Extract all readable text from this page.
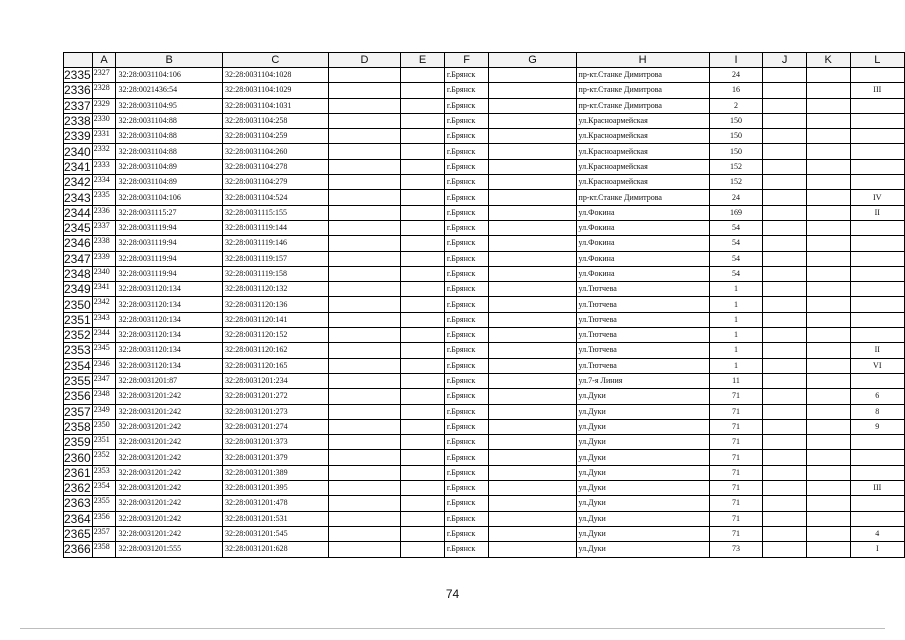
	A	B	C	D	E	F	G	H	I	J	K	L
2335	2327	32:28:0031104:106	32:28:0031104:1028			г.Брянск		пр-кт.Станке Димитрова	24			
2336	2328	32:28:0021436:54	32:28:0031104:1029			г.Брянск		пр-кт.Станке Димитрова	16			III
2337	2329	32:28:0031104:95	32:28:0031104:1031			г.Брянск		пр-кт.Станке Димитрова	2			
2338	2330	32:28:0031104:88	32:28:0031104:258			г.Брянск		ул.Красноармейская	150			
2339	2331	32:28:0031104:88	32:28:0031104:259			г.Брянск		ул.Красноармейская	150			
2340	2332	32:28:0031104:88	32:28:0031104:260			г.Брянск		ул.Красноармейская	150			
2341	2333	32:28:0031104:89	32:28:0031104:278			г.Брянск		ул.Красноармейская	152			
2342	2334	32:28:0031104:89	32:28:0031104:279			г.Брянск		ул.Красноармейская	152			
2343	2335	32:28:0031104:106	32:28:0031104:524			г.Брянск		пр-кт.Станке Димитрова	24			IV
2344	2336	32:28:0031115:27	32:28:0031115:155			г.Брянск		ул.Фокина	169			II
2345	2337	32:28:0031119:94	32:28:0031119:144			г.Брянск		ул.Фокина	54			
2346	2338	32:28:0031119:94	32:28:0031119:146			г.Брянск		ул.Фокина	54			
2347	2339	32:28:0031119:94	32:28:0031119:157			г.Брянск		ул.Фокина	54			
2348	2340	32:28:0031119:94	32:28:0031119:158			г.Брянск		ул.Фокина	54			
2349	2341	32:28:0031120:134	32:28:0031120:132			г.Брянск		ул.Тютчева	1			
2350	2342	32:28:0031120:134	32:28:0031120:136			г.Брянск		ул.Тютчева	1			
2351	2343	32:28:0031120:134	32:28:0031120:141			г.Брянск		ул.Тютчева	1			
2352	2344	32:28:0031120:134	32:28:0031120:152			г.Брянск		ул.Тютчева	1			
2353	2345	32:28:0031120:134	32:28:0031120:162			г.Брянск		ул.Тютчева	1			II
2354	2346	32:28:0031120:134	32:28:0031120:165			г.Брянск		ул.Тютчева	1			VI
2355	2347	32:28:0031201:87	32:28:0031201:234			г.Брянск		ул.7-я Линия	11			
2356	2348	32:28:0031201:242	32:28:0031201:272			г.Брянск		ул.Дуки	71			6
2357	2349	32:28:0031201:242	32:28:0031201:273			г.Брянск		ул.Дуки	71			8
2358	2350	32:28:0031201:242	32:28:0031201:274			г.Брянск		ул.Дуки	71			9
2359	2351	32:28:0031201:242	32:28:0031201:373			г.Брянск		ул.Дуки	71			
2360	2352	32:28:0031201:242	32:28:0031201:379			г.Брянск		ул.Дуки	71			
2361	2353	32:28:0031201:242	32:28:0031201:389			г.Брянск		ул.Дуки	71			
2362	2354	32:28:0031201:242	32:28:0031201:395			г.Брянск		ул.Дуки	71			III
2363	2355	32:28:0031201:242	32:28:0031201:478			г.Брянск		ул.Дуки	71			
2364	2356	32:28:0031201:242	32:28:0031201:531			г.Брянск		ул.Дуки	71			
2365	2357	32:28:0031201:242	32:28:0031201:545			г.Брянск		ул.Дуки	71			4
2366	2358	32:28:0031201:555	32:28:0031201:628			г.Брянск		ул.Дуки	73			I
74
